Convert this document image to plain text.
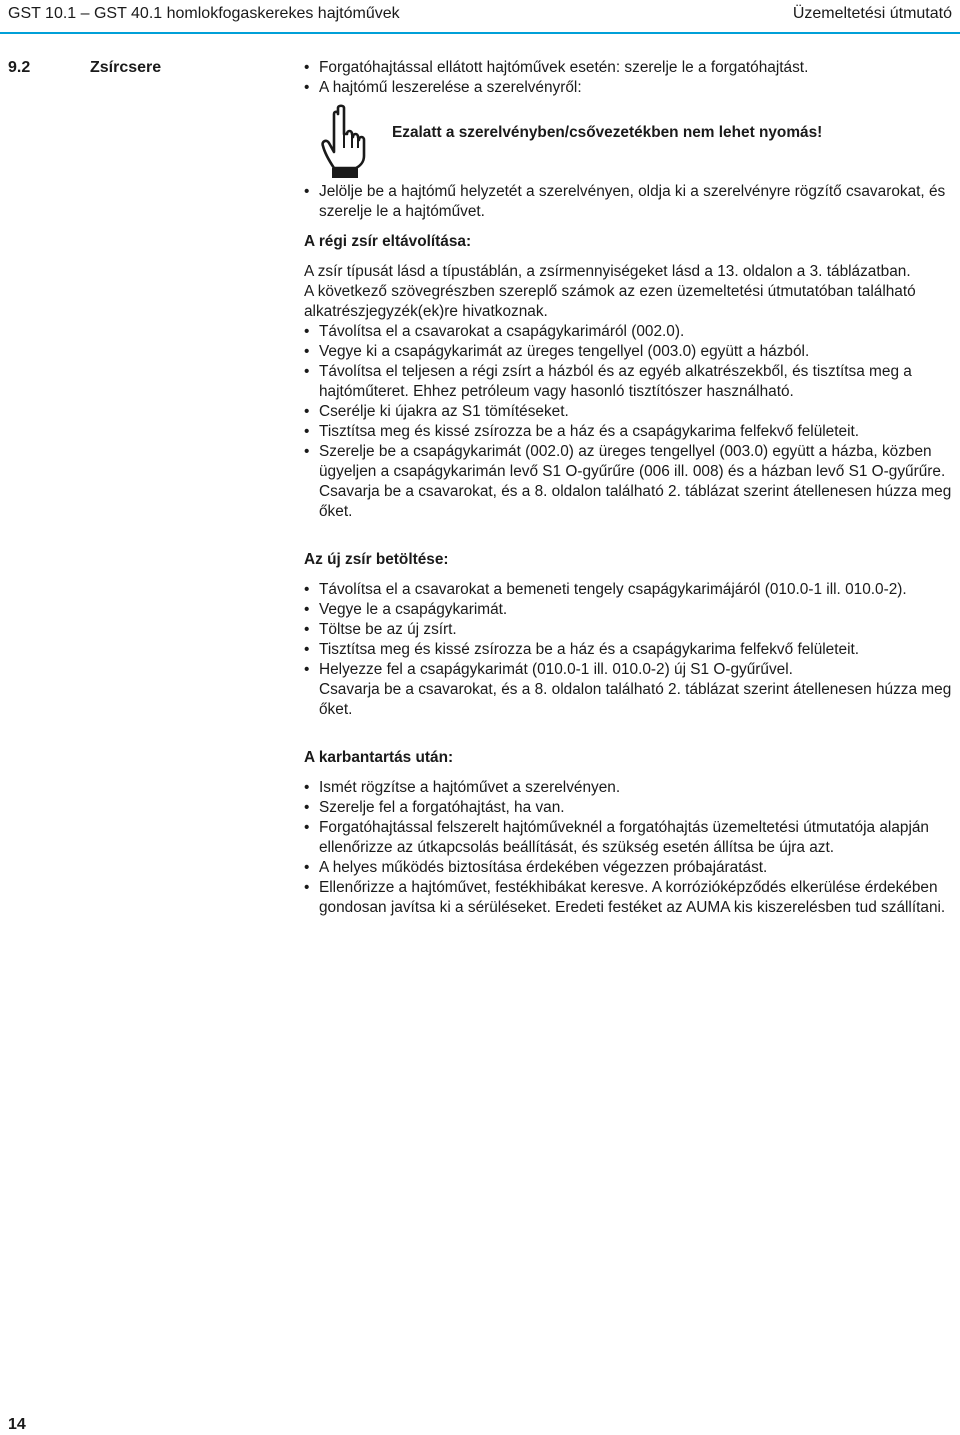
GST 10.1 – GST 40.1 homlokfogaskerekes hajtóművek	Üzemeltetési útmutató
9.2	Zsírcsere
•	Forgatóhajtással ellátott hajtóművek esetén: szerelje le a forgatóhajtást.
• A hajtómű leszerelése a szerelvényről:
Ezalatt a szerelvényben/csővezetékben nem lehet nyomás!
• Jelölje be a hajtómű helyzetét a szerelvényen, oldja ki a szerelvényre rögzítő csavarokat, és szerelje le a hajtóművet.

A régi zsír eltávolítása:

A zsír típusát lásd a típustáblán, a zsírmennyiségeket lásd a 13. oldalon a 3. táblázatban.

A következő szövegrészben szereplő számok az ezen üzemeltetési útmutatóban található alkatrészjegyzék(ek)re hivatkoznak.

• Távolítsa el a csavarokat a csapágykarimáról (002.0).
• Vegye ki a csapágykarimát az üreges tengellyel (003.0) együtt a házból.
• Távolítsa el teljesen a régi zsírt a házból és az egyéb alkatrészekből, és tisztítsa meg a hajtóműteret. Ehhez petróleum vagy hasonló tisztítószer használható.
• Cserélje ki újakra az S1 tömítéseket.
• Tisztítsa meg és kissé zsírozza be a ház és a csapágykarima felfekvő felületeit.
• Szerelje be a csapágykarimát (002.0) az üreges tengellyel (003.0) együtt a házba, közben ügyeljen a csapágykarimán levő S1 O-gyűrűre (006 ill. 008) és a házban levő S1 O-gyűrűre.

Csavarja be a csavarokat, és a 8. oldalon található 2. táblázat szerint átellenesen húzza meg őket.

Az új zsír betöltése:

• Távolítsa el a csavarokat a bemeneti tengely csapágykarimájáról (010.0-1 ill. 010.0-2).
• Vegye le a csapágykarimát.
• Töltse be az új zsírt.
• Tisztítsa meg és kissé zsírozza be a ház és a csapágykarima felfekvő felületeit.
• Helyezze fel a csapágykarimát (010.0-1 ill. 010.0-2) új S1 O-gyűrűvel.

Csavarja be a csavarokat, és a 8. oldalon található 2. táblázat szerint átellenesen húzza meg őket.

A karbantartás után:

• Ismét rögzítse a hajtóművet a szerelvényen.
• Szerelje fel a forgatóhajtást, ha van.
• Forgatóhajtással felszerelt hajtóműveknél a forgatóhajtás üzemeltetési útmutatója alapján ellenőrizze az útkapcsolás beállítását, és szükség esetén állítsa be újra azt.
• A helyes működés biztosítása érdekében végezzen próbajáratást.
• Ellenőrizze a hajtóművet, festékhibákat keresve. A korrózióképződés elkerülése érdekében gondosan javítsa ki a sérüléseket. Eredeti festéket az AUMA kis kiszerelésben tud szállítani.
14
